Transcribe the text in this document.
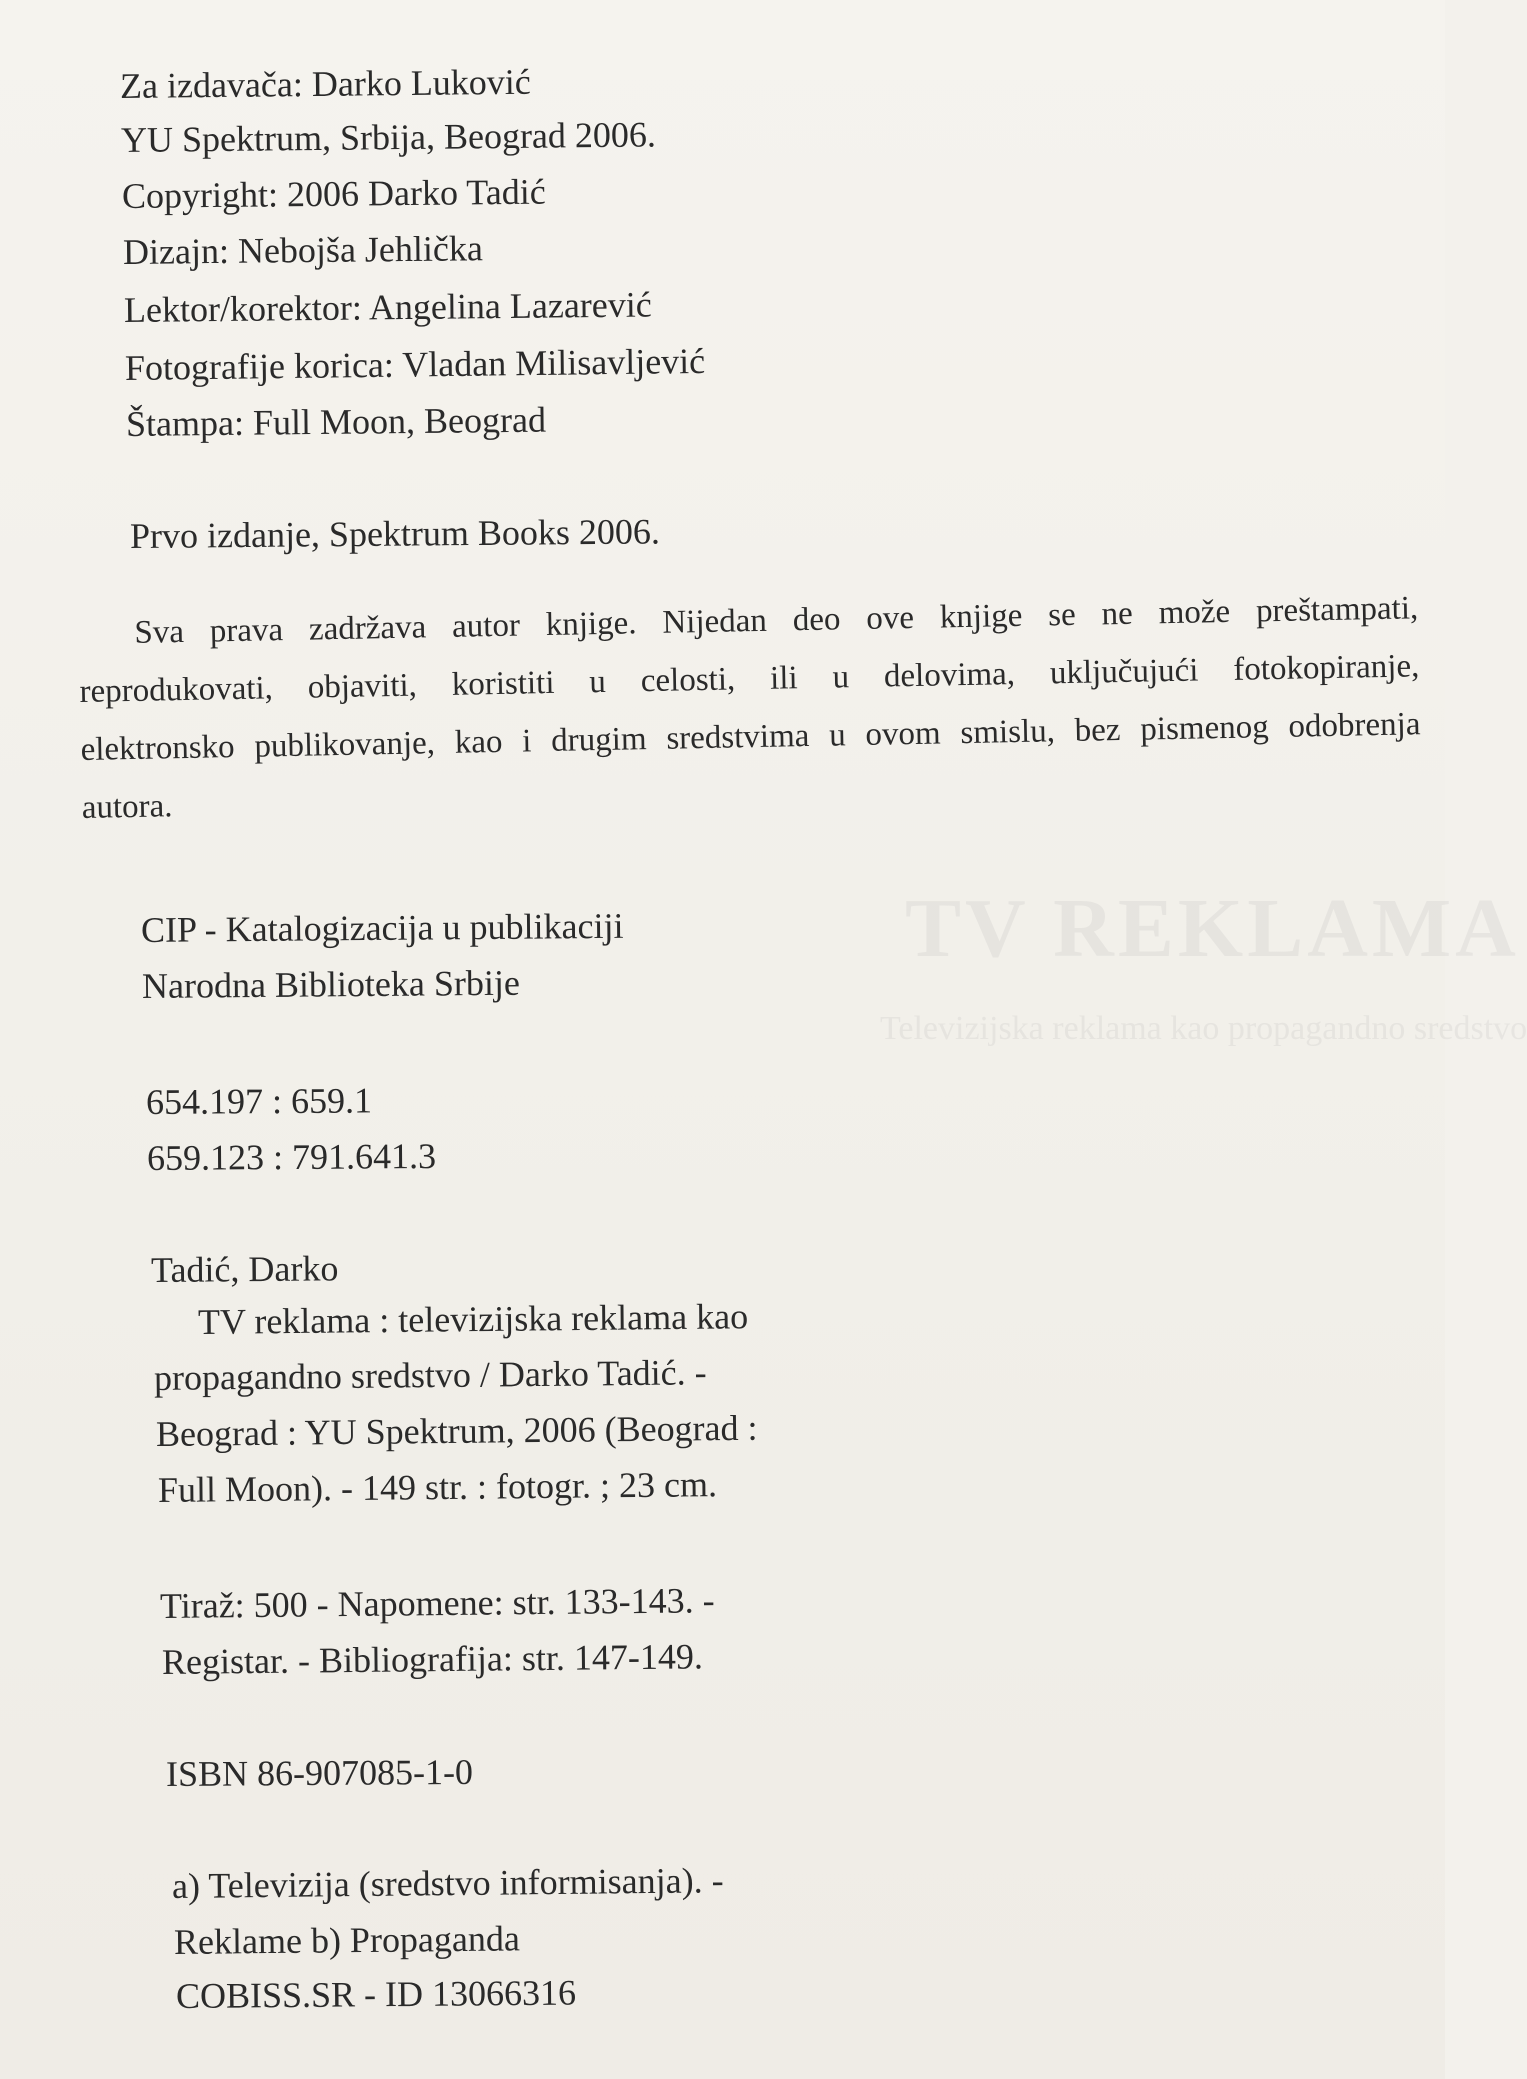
TV REKLAMA
Televizijska reklama kao propagandno sredstvo
Za izdavača: Darko Luković
YU Spektrum, Srbija, Beograd 2006.
Copyright: 2006 Darko Tadić
Dizajn: Nebojša Jehlička
Lektor/korektor: Angelina Lazarević
Fotografije korica: Vladan Milisavljević
Štampa: Full Moon, Beograd
Prvo izdanje, Spektrum Books 2006.
Sva prava zadržava autor knjige. Nijedan deo ove knjige se ne može preštampati,
reprodukovati, objaviti, koristiti u celosti, ili u delovima, uključujući fotokopiranje,
elektronsko publikovanje, kao i drugim sredstvima u ovom smislu, bez pismenog odobrenja
autora.
CIP - Katalogizacija u publikaciji
Narodna Biblioteka Srbije
654.197 : 659.1
659.123 : 791.641.3
Tadić, Darko
TV reklama : televizijska reklama kao
propagandno sredstvo / Darko Tadić. -
Beograd : YU Spektrum, 2006 (Beograd :
Full Moon). - 149 str. : fotogr. ; 23 cm.
Tiraž: 500 - Napomene: str. 133-143. -
Registar. - Bibliografija: str. 147-149.
ISBN 86-907085-1-0
a) Televizija (sredstvo informisanja). -
Reklame b) Propaganda
COBISS.SR - ID 13066316
